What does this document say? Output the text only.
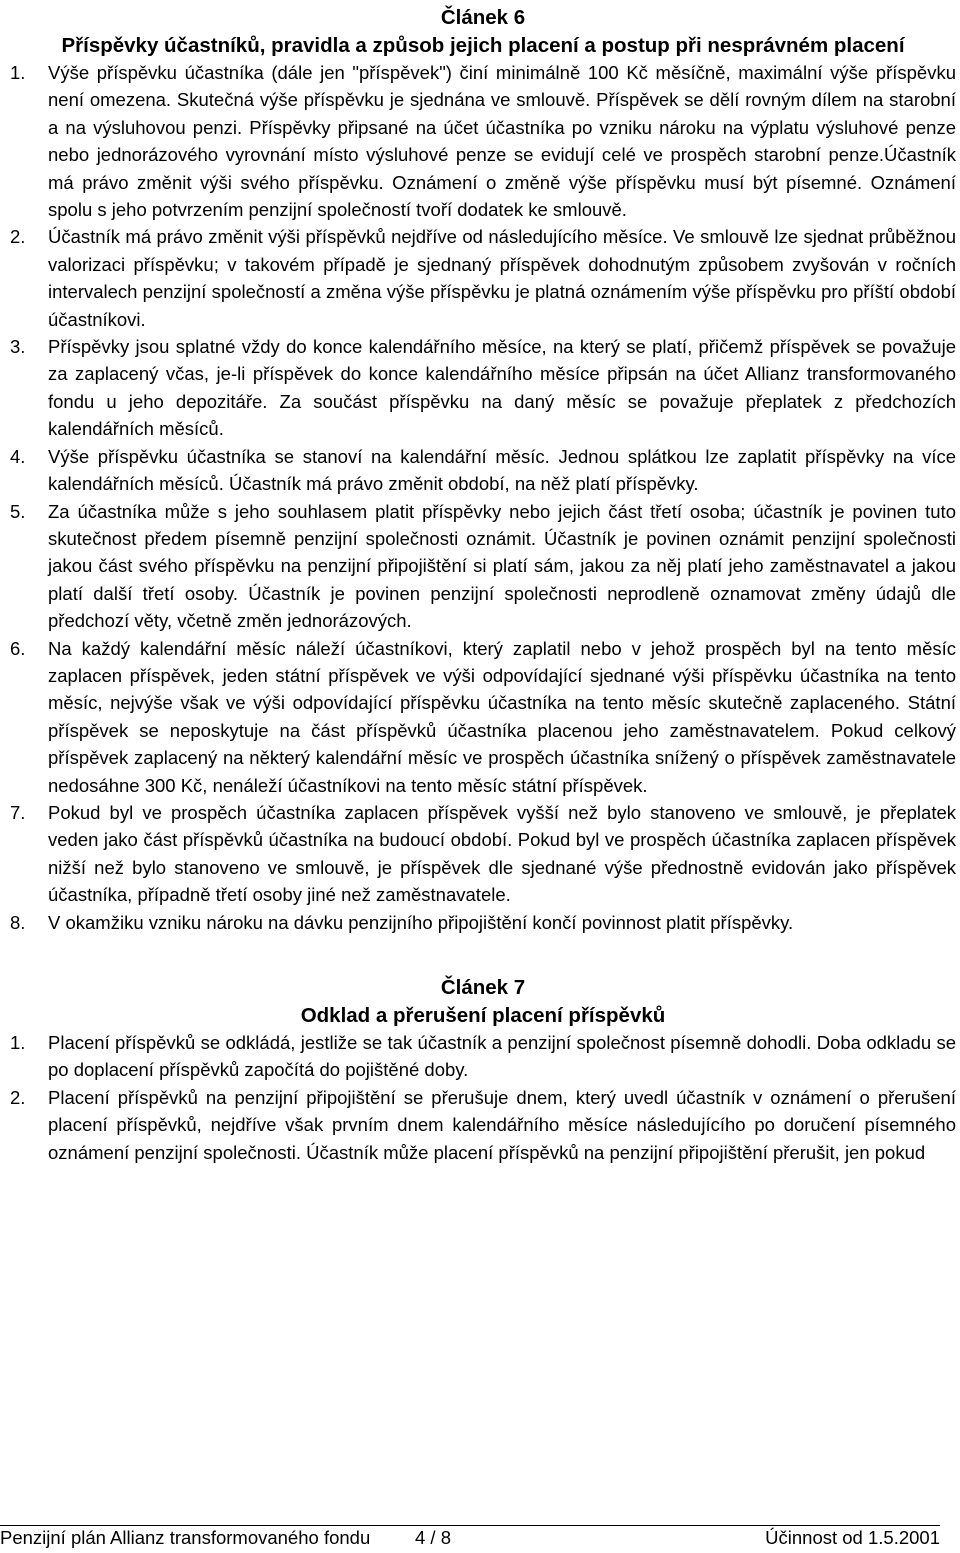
Článek 6
Příspěvky účastníků, pravidla a způsob jejich placení a postup při nesprávném placení
1. Výše příspěvku účastníka (dále jen "příspěvek") činí minimálně 100 Kč měsíčně, maximální výše příspěvku není omezena. Skutečná výše příspěvku je sjednána ve smlouvě. Příspěvek se dělí rovným dílem na starobní a na výsluhovou penzi. Příspěvky připsané na účet účastníka po vzniku nároku na výplatu výsluhové penze nebo jednorázového vyrovnání místo výsluhové penze se evidují celé ve prospěch starobní penze.Účastník má právo změnit výši svého příspěvku. Oznámení o změně výše příspěvku musí být písemné. Oznámení spolu s jeho potvrzením penzijní společností tvoří dodatek ke smlouvě.
2. Účastník má právo změnit výši příspěvků nejdříve od následujícího měsíce. Ve smlouvě lze sjednat průběžnou valorizaci příspěvku; v takovém případě je sjednaný příspěvek dohodnutým způsobem zvyšován v ročních intervalech penzijní společností a změna výše příspěvku je platná oznámením výše příspěvku pro příští období účastníkovi.
3. Příspěvky jsou splatné vždy do konce kalendářního měsíce, na který se platí, přičemž příspěvek se považuje za zaplacený včas, je-li příspěvek do konce kalendářního měsíce připsán na účet Allianz transformovaného fondu u jeho depozitáře. Za součást příspěvku na daný měsíc se považuje přeplatek z předchozích kalendářních měsíců.
4. Výše příspěvku účastníka se stanoví na kalendářní měsíc. Jednou splátkou lze zaplatit příspěvky na více kalendářních měsíců. Účastník má právo změnit období, na něž platí příspěvky.
5. Za účastníka může s jeho souhlasem platit příspěvky nebo jejich část třetí osoba; účastník je povinen tuto skutečnost předem písemně penzijní společnosti oznámit. Účastník je povinen oznámit penzijní společnosti jakou část svého příspěvku na penzijní připojištění si platí sám, jakou za něj platí jeho zaměstnavatel a jakou platí další třetí osoby. Účastník je povinen penzijní společnosti neprodleně oznamovat změny údajů dle předchozí věty, včetně změn jednorázových.
6. Na každý kalendářní měsíc náleží účastníkovi, který zaplatil nebo v jehož prospěch byl na tento měsíc zaplacen příspěvek, jeden státní příspěvek ve výši odpovídající sjednané výši příspěvku účastníka na tento měsíc, nejvýše však ve výši odpovídající příspěvku účastníka na tento měsíc skutečně zaplaceného. Státní příspěvek se neposkytuje na část příspěvků účastníka placenou jeho zaměstnavatelem. Pokud celkový příspěvek zaplacený na některý kalendářní měsíc ve prospěch účastníka snížený o příspěvek zaměstnavatele nedosáhne 300 Kč, nenáleží účastníkovi na tento měsíc státní příspěvek.
7. Pokud byl ve prospěch účastníka zaplacen příspěvek vyšší než bylo stanoveno ve smlouvě, je přeplatek veden jako část příspěvků účastníka na budoucí období. Pokud byl ve prospěch účastníka zaplacen příspěvek nižší než bylo stanoveno ve smlouvě, je příspěvek dle sjednané výše přednostně evidován jako příspěvek účastníka, případně třetí osoby jiné než zaměstnavatele.
8. V okamžiku vzniku nároku na dávku penzijního připojištění končí povinnost platit příspěvky.
Článek 7
Odklad a přerušení placení příspěvků
1. Placení příspěvků se odkládá, jestliže se tak účastník a penzijní společnost písemně dohodli. Doba odkladu se po doplacení příspěvků započítá do pojištěné doby.
2. Placení příspěvků na penzijní připojištění se přerušuje dnem, který uvedl účastník v oznámení o přerušení placení příspěvků, nejdříve však prvním dnem kalendářního měsíce následujícího po doručení písemného oznámení penzijní společnosti. Účastník může placení příspěvků na penzijní připojištění přerušit, jen pokud
Penzijní plán Allianz transformovaného fondu 4 / 8	Účinnost od 1.5.2001
